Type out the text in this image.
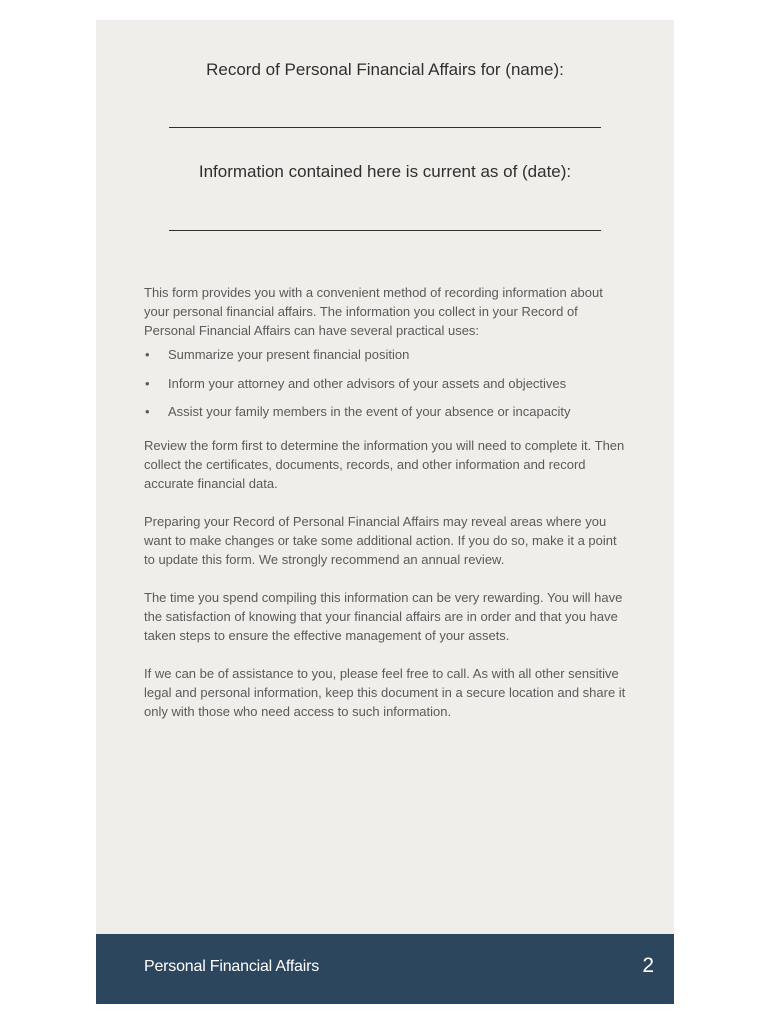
Record of Personal Financial Affairs for (name):
Information contained here is current as of (date):

This form provides you with a convenient method of recording information about your personal financial affairs. The information you collect in your Record of Personal Financial Affairs can have several practical uses:

• Summarize your present financial position
• Inform your attorney and other advisors of your assets and objectives
• Assist your family members in the event of your absence or incapacity

Review the form first to determine the information you will need to complete it. Then collect the certificates, documents, records, and other information and record accurate financial data.

Preparing your Record of Personal Financial Affairs may reveal areas where you want to make changes or take some additional action. If you do so, make it a point to update this form. We strongly recommend an annual review.

The time you spend compiling this information can be very rewarding. You will have the satisfaction of knowing that your financial affairs are in order and that you have taken steps to ensure the effective management of your assets.

If we can be of assistance to you, please feel free to call. As with all other sensitive legal and personal information, keep this document in a secure location and share it only with those who need access to such information.

Personal Financial Affairs	2
